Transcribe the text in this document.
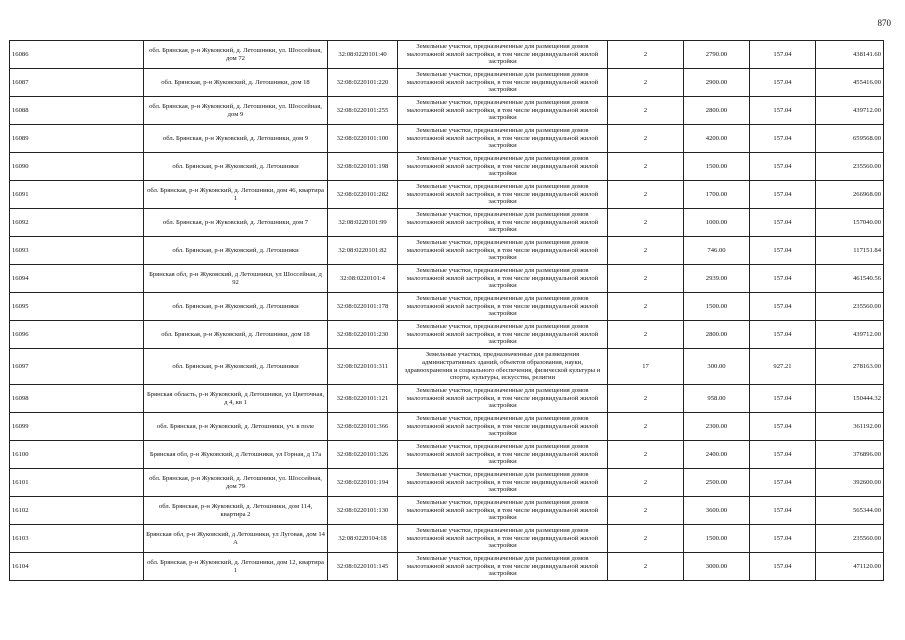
870
16086	обл. Брянская, р-н Жуковский, д. Летошники, ул. Шоссейная, дом 72	32:08:0220101:40	Земельные участки, предназначенные для размещения домов малоэтажной жилой застройки, в том числе индивидуальной жилой застройки	2	2790.00	157.04	438141.60
16087	обл. Брянская, р-н Жуковский, д. Летошники, дом 18	32:08:0220101:220	Земельные участки, предназначенные для размещения домов малоэтажной жилой застройки, в том числе индивидуальной жилой застройки	2	2900.00	157.04	455416.00
16088	обл. Брянская, р-н Жуковский, д. Летошники, ул. Шоссейная, дом 9	32:08:0220101:255	Земельные участки, предназначенные для размещения домов малоэтажной жилой застройки, в том числе индивидуальной жилой застройки	2	2800.00	157.04	439712.00
16089	обл. Брянская, р-н Жуковский, д. Летошники, дом 9	32:08:0220101:100	Земельные участки, предназначенные для размещения домов малоэтажной жилой застройки, в том числе индивидуальной жилой застройки	2	4200.00	157.04	659568.00
16090	обл. Брянская, р-н Жуковский, д. Летошники	32:08:0220101:198	Земельные участки, предназначенные для размещения домов малоэтажной жилой застройки, в том числе индивидуальной жилой застройки	2	1500.00	157.04	235560.00
16091	обл. Брянская, р-н Жуковский, д. Летошники, дом 46, квартира 1	32:08:0220101:282	Земельные участки, предназначенные для размещения домов малоэтажной жилой застройки, в том числе индивидуальной жилой застройки	2	1700.00	157.04	266968.00
16092	обл. Брянская, р-н Жуковский, д. Летошники, дом 7	32:08:0220101:99	Земельные участки, предназначенные для размещения домов малоэтажной жилой застройки, в том числе индивидуальной жилой застройки	2	1000.00	157.04	157040.00
16093	обл. Брянская, р-н Жуковский, д. Летошники	32:08:0220101:82	Земельные участки, предназначенные для размещения домов малоэтажной жилой застройки, в том числе индивидуальной жилой застройки	2	746.00	157.04	117151.84
16094	Брянская обл, р-н Жуковский, д Летошники, ул Шоссейная, д 92	32:08:0220101:4	Земельные участки, предназначенные для размещения домов малоэтажной жилой застройки, в том числе индивидуальной жилой застройки	2	2939.00	157.04	461540.56
16095	обл. Брянская, р-н Жуковский, д. Летошники	32:08:0220101:178	Земельные участки, предназначенные для размещения домов малоэтажной жилой застройки, в том числе индивидуальной жилой застройки	2	1500.00	157.04	235560.00
16096	обл. Брянская, р-н Жуковский, д. Летошники, дом 18	32:08:0220101:230	Земельные участки, предназначенные для размещения домов малоэтажной жилой застройки, в том числе индивидуальной жилой застройки	2	2800.00	157.04	439712.00
16097	обл. Брянская, р-н Жуковский, д. Летошники	32:08:0220101:311	Земельные участки, предназначенные для размещения административных зданий, объектов образования, науки, здравоохранения и социального обеспечения, физической культуры и спорта, культуры, искусства, религии	17	300.00	927.21	278163.00
16098	Брянская область, р-н Жуковский, д Летошники, ул Цветочная, д 4, кв 1	32:08:0220101:121	Земельные участки, предназначенные для размещения домов малоэтажной жилой застройки, в том числе индивидуальной жилой застройки	2	958.00	157.04	150444.32
16099	обл. Брянская, р-н Жуковский, д. Летошники, уч. в поле	32:08:0220101:366	Земельные участки, предназначенные для размещения домов малоэтажной жилой застройки, в том числе индивидуальной жилой застройки	2	2300.00	157.04	361192.00
16100	Брянская обл, р-н Жуковский, д Летошники, ул Горная, д 17а	32:08:0220101:326	Земельные участки, предназначенные для размещения домов малоэтажной жилой застройки, в том числе индивидуальной жилой застройки	2	2400.00	157.04	376896.00
16101	обл. Брянская, р-н Жуковский, д. Летошники, ул. Шоссейная, дом 79	32:08:0220101:194	Земельные участки, предназначенные для размещения домов малоэтажной жилой застройки, в том числе индивидуальной жилой застройки	2	2500.00	157.04	392600.00
16102	обл. Брянская, р-н Жуковский, д. Летошники, дом 114, квартира 2	32:08:0220101:130	Земельные участки, предназначенные для размещения домов малоэтажной жилой застройки, в том числе индивидуальной жилой застройки	2	3600.00	157.04	565344.00
16103	Брянская обл, р-н Жуковский, д Летошники, ул Луговая, дом 14 А	32:08:0220104:18	Земельные участки, предназначенные для размещения домов малоэтажной жилой застройки, в том числе индивидуальной жилой застройки	2	1500.00	157.04	235560.00
16104	обл. Брянская, р-н Жуковский, д. Летошники, дом 12, квартира 1	32:08:0220101:145	Земельные участки, предназначенные для размещения домов малоэтажной жилой застройки, в том числе индивидуальной жилой застройки	2	3000.00	157.04	471120.00
